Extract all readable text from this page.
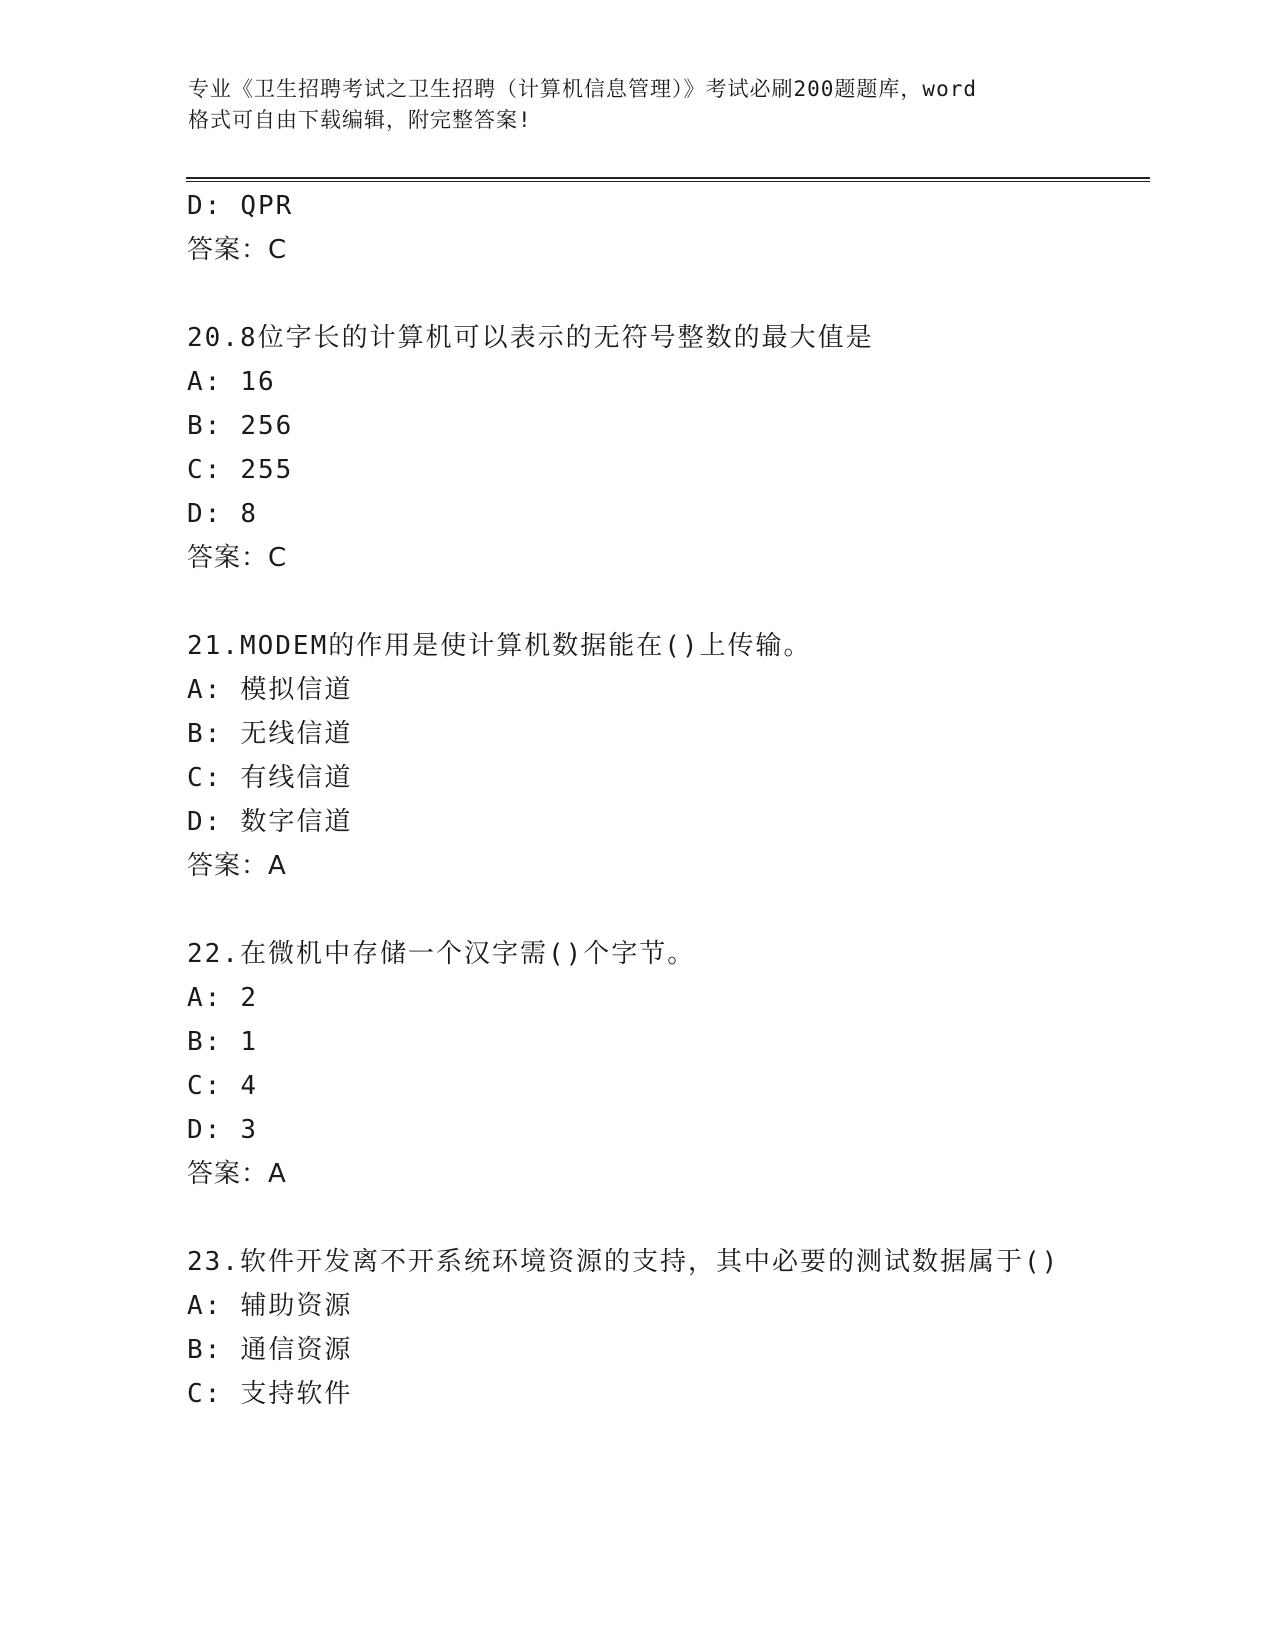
专业《卫生招聘考试之卫生招聘（计算机信息管理）》考试必刷200题题库，word
格式可自由下载编辑，附完整答案!
D: QPR
答案：C
20.8位字长的计算机可以表示的无符号整数的最大值是
A: 16
B: 256
C: 255
D: 8
答案：C
21.MODEM的作用是使计算机数据能在()上传输。
A: 模拟信道
B: 无线信道
C: 有线信道
D: 数字信道
答案：A
22.在微机中存储一个汉字需()个字节。
A: 2
B: 1
C: 4
D: 3
答案：A
23.软件开发离不开系统环境资源的支持，其中必要的测试数据属于()
A: 辅助资源
B: 通信资源
C: 支持软件
